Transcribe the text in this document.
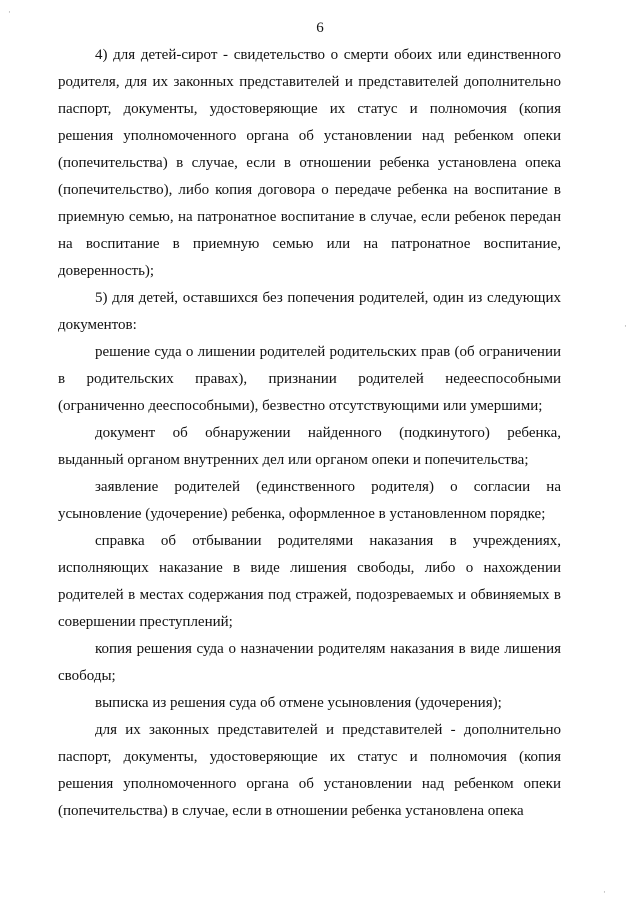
6

4) для детей-сирот - свидетельство о смерти обоих или единственного родителя, для их законных представителей и представителей дополнительно паспорт, документы, удостоверяющие их статус и полномочия (копия решения уполномоченного органа об установлении над ребенком опеки (попечительства) в случае, если в отношении ребенка установлена опека (попечительство), либо копия договора о передаче ребенка на воспитание в приемную семью, на патронатное воспитание в случае, если ребенок передан на воспитание в приемную семью или на патронатное воспитание, доверенность);

5) для детей, оставшихся без попечения родителей, один из следующих документов:

решение суда о лишении родителей родительских прав (об ограничении в родительских правах), признании родителей недееспособными (ограниченно дееспособными), безвестно отсутствующими или умершими;

документ об обнаружении найденного (подкинутого) ребенка, выданный органом внутренних дел или органом опеки и попечительства;

заявление родителей (единственного родителя) о согласии на усыновление (удочерение) ребенка, оформленное в установленном порядке;

справка об отбывании родителями наказания в учреждениях, исполняющих наказание в виде лишения свободы, либо о нахождении родителей в местах содержания под стражей, подозреваемых и обвиняемых в совершении преступлений;

копия решения суда о назначении родителям наказания в виде лишения свободы;

выписка из решения суда об отмене усыновления (удочерения);

для их законных представителей и представителей - дополнительно паспорт, документы, удостоверяющие их статус и полномочия (копия решения уполномоченного органа об установлении над ребенком опеки (попечительства) в случае, если в отношении ребенка установлена опека

·
·
·
